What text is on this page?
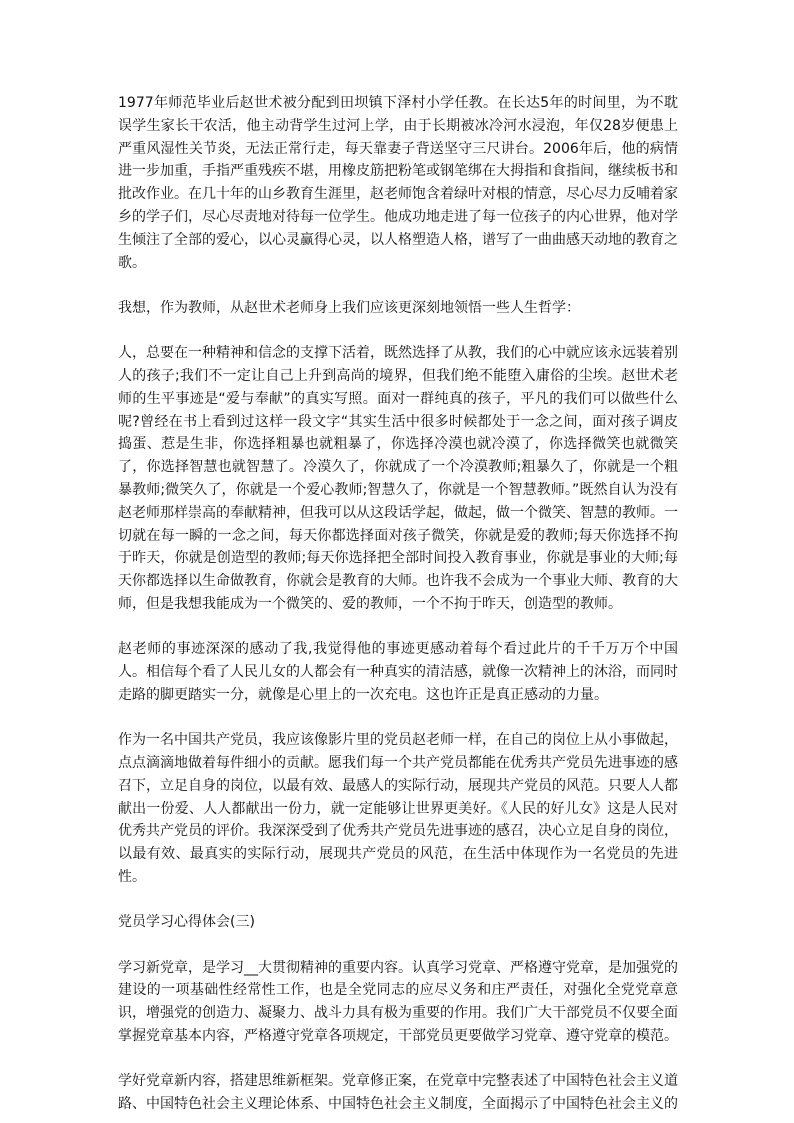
1977年师范毕业后赵世术被分配到田坝镇下泽村小学任教。在长达5年的时间里，为不耽误学生家长干农活，他主动背学生过河上学，由于长期被冰冷河水浸泡，年仅28岁便患上严重风湿性关节炎，无法正常行走，每天靠妻子背送坚守三尺讲台。2006年后，他的病情进一步加重，手指严重残疾不堪，用橡皮筋把粉笔或钢笔绑在大拇指和食指间，继续板书和批改作业。在几十年的山乡教育生涯里，赵老师饱含着绿叶对根的情意，尽心尽力反哺着家乡的学子们，尽心尽责地对待每一位学生。他成功地走进了每一位孩子的内心世界，他对学生倾注了全部的爱心，以心灵赢得心灵，以人格塑造人格，谱写了一曲曲感天动地的教育之歌。

我想，作为教师，从赵世术老师身上我们应该更深刻地领悟一些人生哲学：

人，总要在一种精神和信念的支撑下活着，既然选择了从教，我们的心中就应该永远装着别人的孩子;我们不一定让自己上升到高尚的境界，但我们绝不能堕入庸俗的尘埃。赵世术老师的生平事迹是“爱与奉献”的真实写照。面对一群纯真的孩子，平凡的我们可以做些什么呢?曾经在书上看到过这样一段文字“其实生活中很多时候都处于一念之间，面对孩子调皮捣蛋、惹是生非，你选择粗暴也就粗暴了，你选择冷漠也就冷漠了，你选择微笑也就微笑了，你选择智慧也就智慧了。冷漠久了，你就成了一个冷漠教师;粗暴久了，你就是一个粗暴教师;微笑久了，你就是一个爱心教师;智慧久了，你就是一个智慧教师。”既然自认为没有赵老师那样崇高的奉献精神，但我可以从这段话学起，做起，做一个微笑、智慧的教师。一切就在每一瞬的一念之间，每天你都选择面对孩子微笑，你就是爱的教师;每天你选择不拘于昨天，你就是创造型的教师;每天你选择把全部时间投入教育事业，你就是事业的大师;每天你都选择以生命做教育，你就会是教育的大师。也许我不会成为一个事业大师、教育的大师，但是我想我能成为一个微笑的、爱的教师，一个不拘于昨天，创造型的教师。

赵老师的事迹深深的感动了我,我觉得他的事迹更感动着每个看过此片的千千万万个中国人。相信每个看了人民儿女的人都会有一种真实的清洁感，就像一次精神上的沐浴，而同时走路的脚更踏实一分，就像是心里上的一次充电。这也许正是真正感动的力量。

作为一名中国共产党员，我应该像影片里的党员赵老师一样，在自己的岗位上从小事做起，点点滴滴地做着每件细小的贡献。愿我们每一个共产党员都能在优秀共产党员先进事迹的感召下，立足自身的岗位，以最有效、最感人的实际行动，展现共产党员的风范。只要人人都献出一份爱、人人都献出一份力，就一定能够让世界更美好。《人民的好儿女》这是人民对优秀共产党员的评价。我深深受到了优秀共产党员先进事迹的感召，决心立足自身的岗位，以最有效、最真实的实际行动，展现共产党员的风范，在生活中体现作为一名党员的先进性。

党员学习心得体会(三)

学习新党章，是学习__大贯彻精神的重要内容。认真学习党章、严格遵守党章，是加强党的建设的一项基础性经常性工作，也是全党同志的应尽义务和庄严责任，对强化全党党章意识，增强党的创造力、凝聚力、战斗力具有极为重要的作用。我们广大干部党员不仅要全面掌握党章基本内容，严格遵守党章各项规定，干部党员更要做学习党章、遵守党章的模范。

学好党章新内容，搭建思维新框架。党章修正案，在党章中完整表述了中国特色社会主义道路、中国特色社会主义理论体系、中国特色社会主义制度，全面揭示了中国特色社会主义的
